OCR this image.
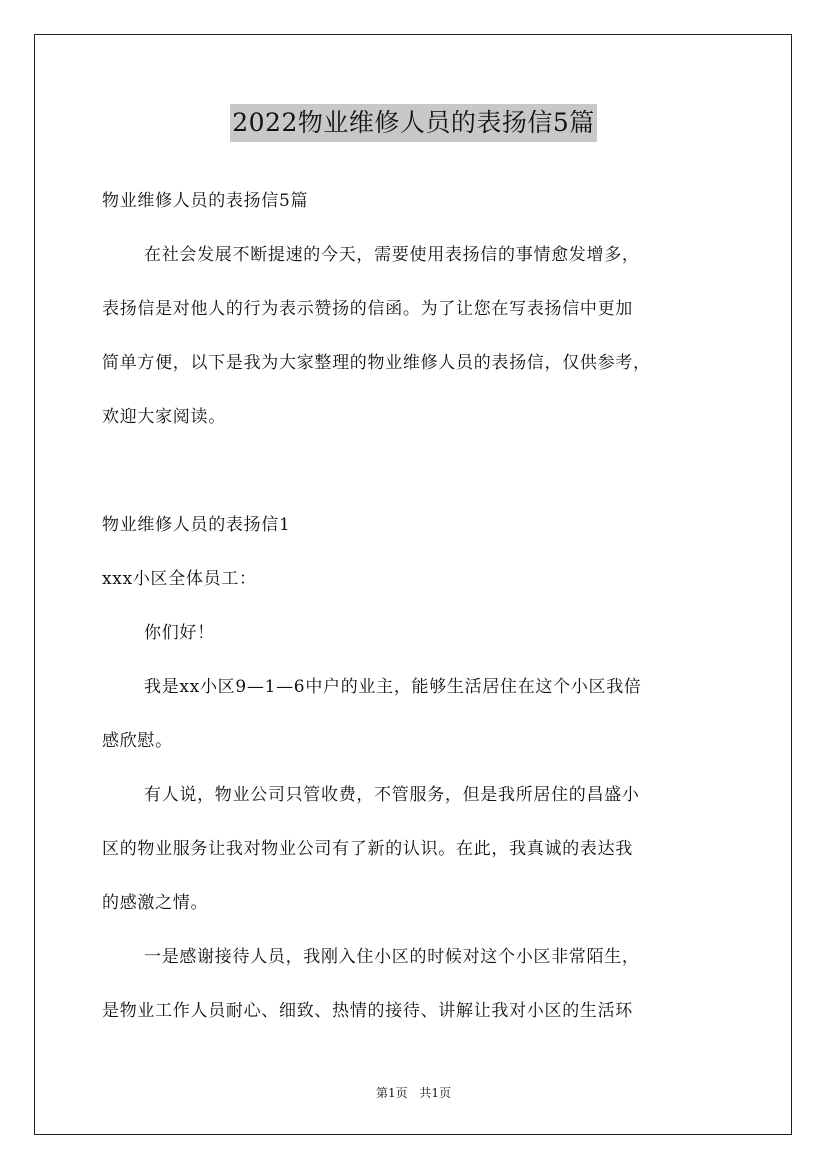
2022物业维修人员的表扬信5篇
物业维修人员的表扬信5篇
在社会发展不断提速的今天，需要使用表扬信的事情愈发增多，
表扬信是对他人的行为表示赞扬的信函。为了让您在写表扬信中更加
简单方便，以下是我为大家整理的物业维修人员的表扬信，仅供参考，
欢迎大家阅读。
物业维修人员的表扬信1
xxx小区全体员工：
你们好！
我是xx小区9—1—6中户的业主，能够生活居住在这个小区我倍
感欣慰。
有人说，物业公司只管收费，不管服务，但是我所居住的昌盛小
区的物业服务让我对物业公司有了新的认识。在此，我真诚的表达我
的感激之情。
一是感谢接待人员，我刚入住小区的时候对这个小区非常陌生，
是物业工作人员耐心、细致、热情的接待、讲解让我对小区的生活环
第1页 共1页
